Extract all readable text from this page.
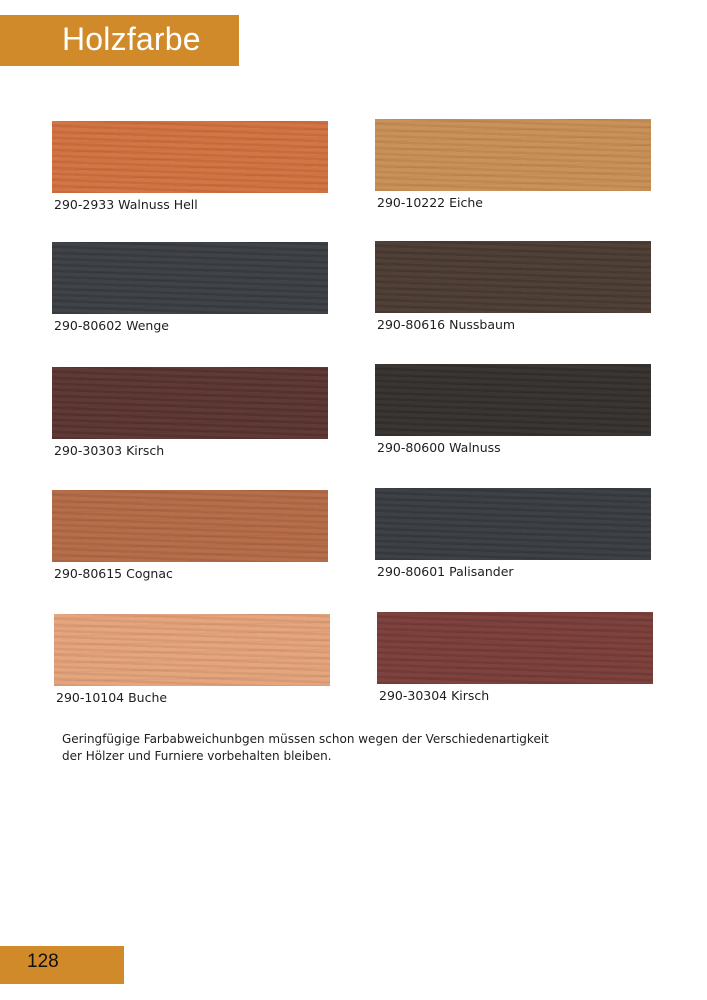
Holzfarbe
290-2933 Walnuss Hell
290-80602 Wenge
290-30303 Kirsch
290-80615 Cognac
290-10104 Buche
290-10222 Eiche
290-80616 Nussbaum
290-80600 Walnuss
290-80601 Palisander
290-30304 Kirsch
Geringfügige Farbabweichunbgen müssen schon wegen der Verschiedenartigkeit
der Hölzer und Furniere vorbehalten bleiben.
128
